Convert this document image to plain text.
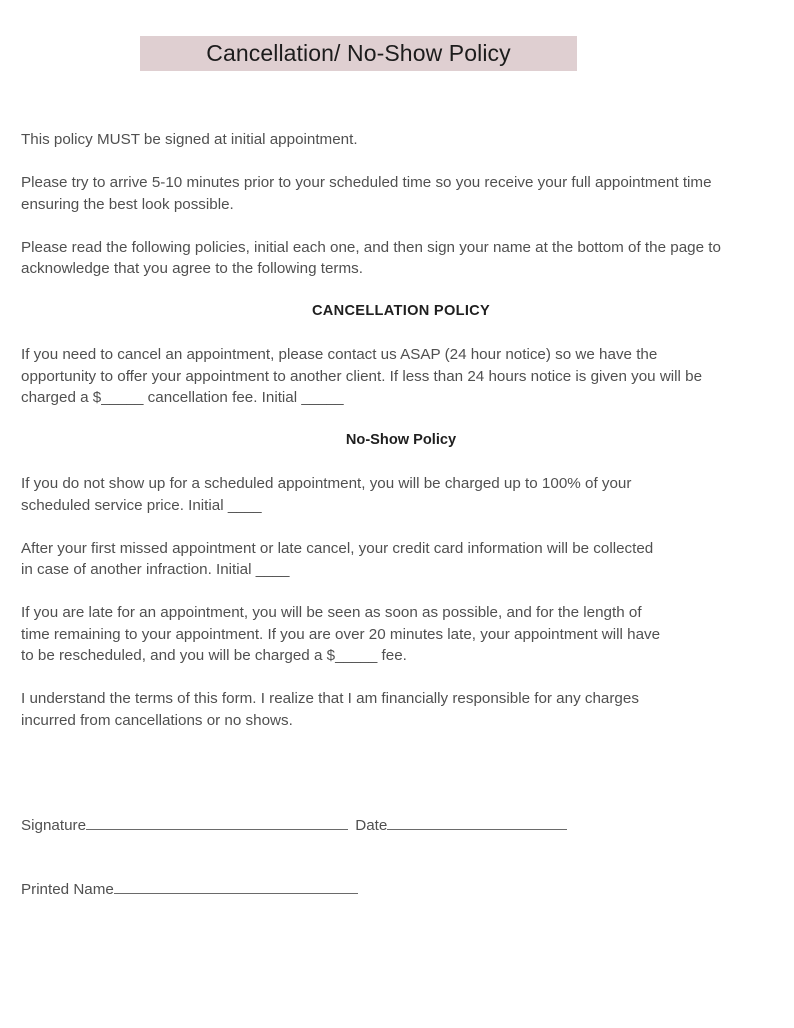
Cancellation/ No-Show Policy

This policy MUST be signed at initial appointment.

Please try to arrive 5-10 minutes prior to your scheduled time so you receive your full appointment time
ensuring the best look possible.

Please read the following policies, initial each one, and then sign your name at the bottom of the page to
acknowledge that you agree to the following terms.

CANCELLATION POLICY

If you need to cancel an appointment, please contact us ASAP (24 hour notice) so we have the
opportunity to offer your appointment to another client. If less than 24 hours notice is given you will be
charged a $_____ cancellation fee. Initial _____

No-Show Policy

If you do not show up for a scheduled appointment, you will be charged up to 100% of your
scheduled service price. Initial ____

After your first missed appointment or late cancel, your credit card information will be collected
in case of another infraction. Initial ____

If you are late for an appointment, you will be seen as soon as possible, and for the length of
time remaining to your appointment. If you are over 20 minutes late, your appointment will have
to be rescheduled, and you will be charged a $_____ fee.

I understand the terms of this form. I realize that I am financially responsible for any charges
incurred from cancellations or no shows.

Signature	Date
Printed Name
